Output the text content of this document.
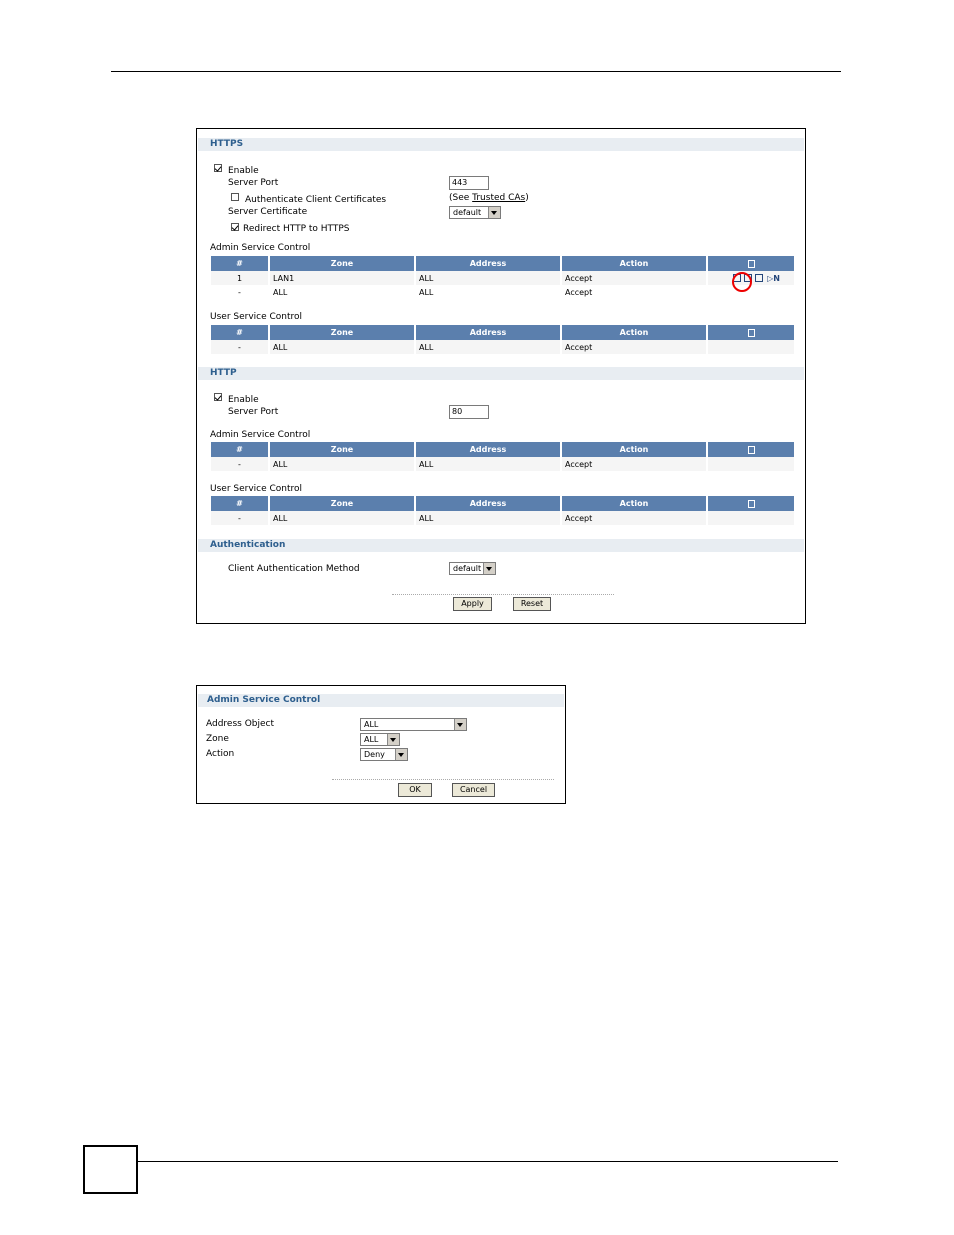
HTTPS
Enable
Server Port	443
Authenticate Client Certificates	(See Trusted CAs)
Server Certificate	default
Redirect HTTP to HTTPS
Admin Service Control
#	Zone	Address	Action	
1	LAN1	ALL	Accept	▷N
-	ALL	ALL	Accept	
User Service Control
#	Zone	Address	Action	
-	ALL	ALL	Accept	
HTTP
Enable
Server Port	80
Admin Service Control
#	Zone	Address	Action	
-	ALL	ALL	Accept	
User Service Control
#	Zone	Address	Action	
-	ALL	ALL	Accept	
Authentication
Client Authentication Method	default
Apply	Reset
Admin Service Control
Address Object	ALL
Zone	ALL
Action	Deny
OK	Cancel
